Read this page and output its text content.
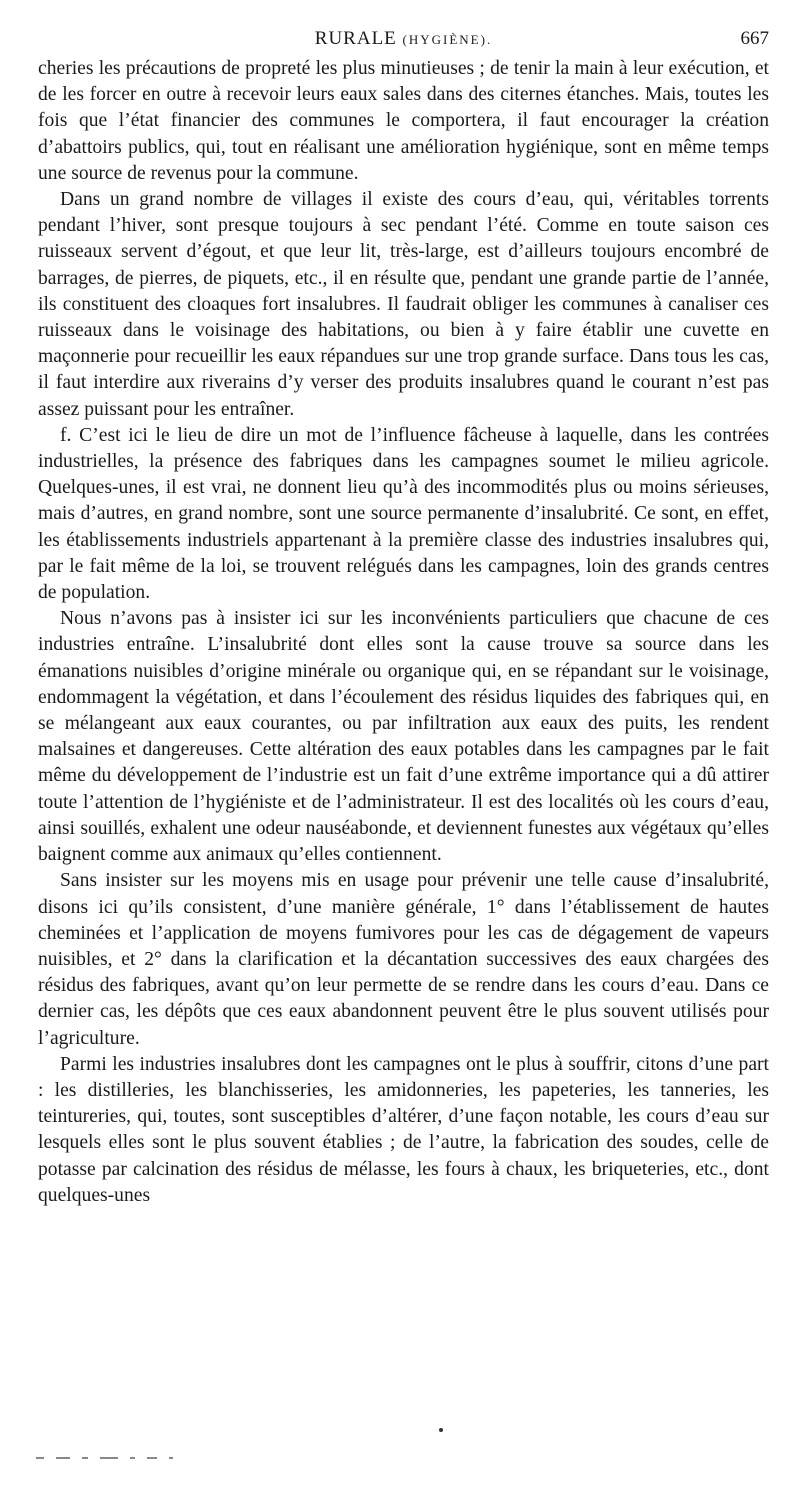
RURALE (HYGIÈNE).	667

cheries les précautions de propreté les plus minutieuses ; de tenir la main à leur exécution, et de les forcer en outre à recevoir leurs eaux sales dans des citernes étanches. Mais, toutes les fois que l’état financier des communes le comportera, il faut encourager la création d’abattoirs publics, qui, tout en réalisant une amélioration hygiénique, sont en même temps une source de revenus pour la commune.

Dans un grand nombre de villages il existe des cours d’eau, qui, véritables torrents pendant l’hiver, sont presque toujours à sec pendant l’été. Comme en toute saison ces ruisseaux servent d’égout, et que leur lit, très-large, est d’ailleurs toujours encombré de barrages, de pierres, de piquets, etc., il en résulte que, pendant une grande partie de l’année, ils constituent des cloaques fort insalubres. Il faudrait obliger les communes à canaliser ces ruisseaux dans le voisinage des habitations, ou bien à y faire établir une cuvette en maçonnerie pour recueillir les eaux répandues sur une trop grande surface. Dans tous les cas, il faut interdire aux riverains d’y verser des produits insalubres quand le courant n’est pas assez puissant pour les entraîner.

f. C’est ici le lieu de dire un mot de l’influence fâcheuse à laquelle, dans les contrées industrielles, la présence des fabriques dans les campagnes soumet le milieu agricole. Quelques-unes, il est vrai, ne donnent lieu qu’à des incommodités plus ou moins sérieuses, mais d’autres, en grand nombre, sont une source permanente d’insalubrité. Ce sont, en effet, les établissements industriels appartenant à la première classe des industries insalubres qui, par le fait même de la loi, se trouvent relégués dans les campagnes, loin des grands centres de population.

Nous n’avons pas à insister ici sur les inconvénients particuliers que chacune de ces industries entraîne. L’insalubrité dont elles sont la cause trouve sa source dans les émanations nuisibles d’origine minérale ou organique qui, en se répandant sur le voisinage, endommagent la végétation, et dans l’écoulement des résidus liquides des fabriques qui, en se mélangeant aux eaux courantes, ou par infiltration aux eaux des puits, les rendent malsaines et dangereuses. Cette altération des eaux potables dans les campagnes par le fait même du développement de l’industrie est un fait d’une extrême importance qui a dû attirer toute l’attention de l’hygiéniste et de l’administrateur. Il est des localités où les cours d’eau, ainsi souillés, exhalent une odeur nauséabonde, et deviennent funestes aux végétaux qu’elles baignent comme aux animaux qu’elles contiennent.

Sans insister sur les moyens mis en usage pour prévenir une telle cause d’insalubrité, disons ici qu’ils consistent, d’une manière générale, 1° dans l’établissement de hautes cheminées et l’application de moyens fumivores pour les cas de dégagement de vapeurs nuisibles, et 2° dans la clarification et la décantation successives des eaux chargées des résidus des fabriques, avant qu’on leur permette de se rendre dans les cours d’eau. Dans ce dernier cas, les dépôts que ces eaux abandonnent peuvent être le plus souvent utilisés pour l’agriculture.

Parmi les industries insalubres dont les campagnes ont le plus à souffrir, citons d’une part : les distilleries, les blanchisseries, les amidonneries, les papeteries, les tanneries, les teintureries, qui, toutes, sont susceptibles d’altérer, d’une façon notable, les cours d’eau sur lesquels elles sont le plus souvent établies ; de l’autre, la fabrication des soudes, celle de potasse par calcination des résidus de mélasse, les fours à chaux, les briqueteries, etc., dont quelques-unes
